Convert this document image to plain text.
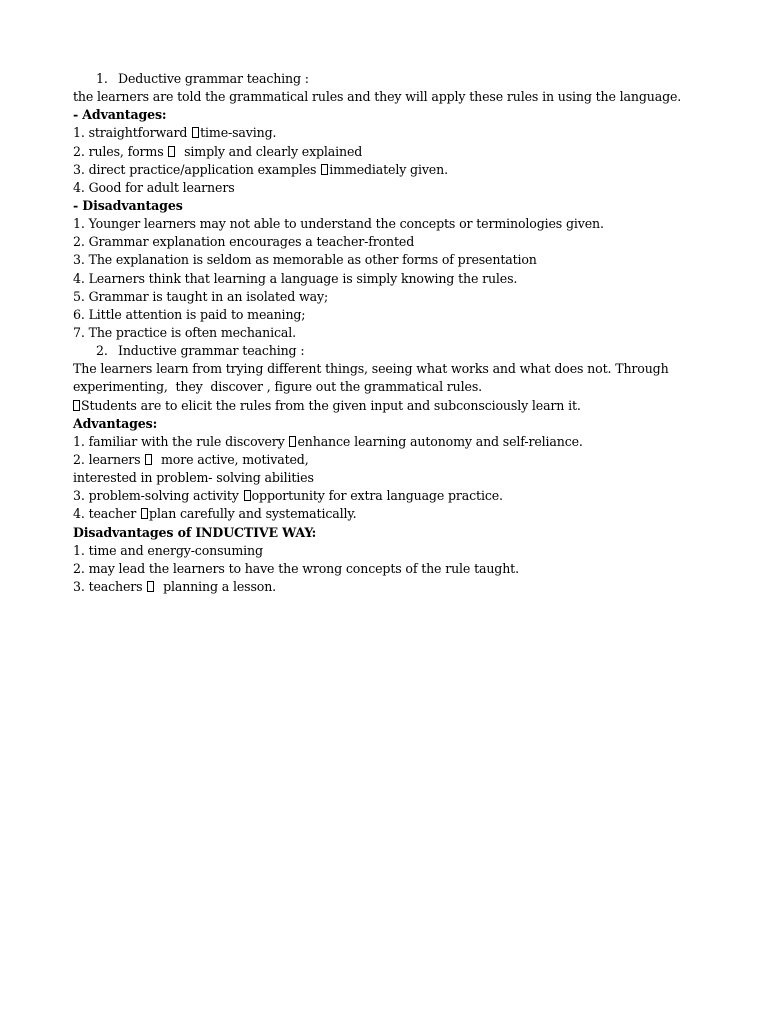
1. Deductive grammar teaching :
the learners are told the grammatical rules and they will apply these rules in using the language.
- Advantages:
1. straightforward time-saving.
2. rules, forms   simply and clearly explained
3. direct practice/application examples immediately given.
4. Good for adult learners
- Disadvantages
1. Younger learners may not able to understand the concepts or terminologies given.
2. Grammar explanation encourages a teacher-fronted
3. The explanation is seldom as memorable as other forms of presentation
4. Learners think that learning a language is simply knowing the rules.
5. Grammar is taught in an isolated way;
6. Little attention is paid to meaning;
7. The practice is often mechanical.
2. Inductive grammar teaching :
The learners learn from trying different things, seeing what works and what does not. Through
experimenting,  they  discover , figure out the grammatical rules.
Students are to elicit the rules from the given input and subconsciously learn it.
Advantages:
1. familiar with the rule discovery enhance learning autonomy and self-reliance.
2. learners   more active, motivated,
interested in problem- solving abilities
3. problem-solving activity opportunity for extra language practice.
4. teacher plan carefully and systematically.
Disadvantages of INDUCTIVE WAY:
1. time and energy-consuming
2. may lead the learners to have the wrong concepts of the rule taught.
3. teachers   planning a lesson.
